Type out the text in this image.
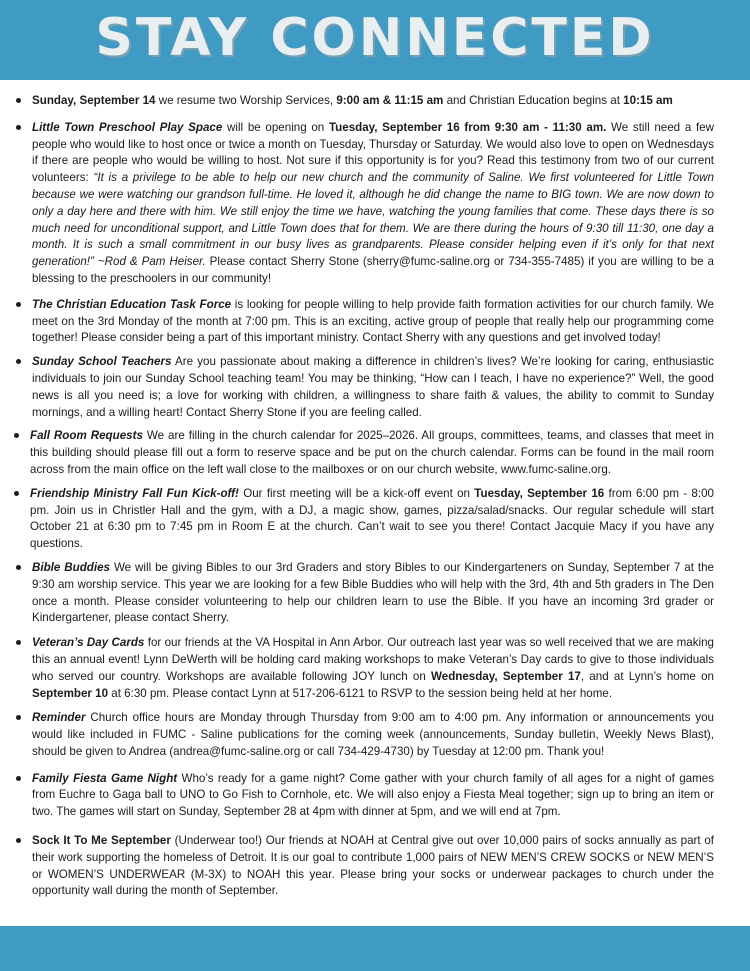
STAY CONNECTED
Sunday, September 14 we resume two Worship Services, 9:00 am & 11:15 am and Christian Education begins at 10:15 am
Little Town Preschool Play Space will be opening on Tuesday, September 16 from 9:30 am - 11:30 am. We still need a few people who would like to host once or twice a month on Tuesday, Thursday or Saturday. We would also love to open on Wednesdays if there are people who would be willing to host. Not sure if this opportunity is for you? Read this testimony from two of our current volunteers: “It is a privilege to be able to help our new church and the community of Saline. We first volunteered for Little Town because we were watching our grandson full-time. He loved it, although he did change the name to BIG town. We are now down to only a day here and there with him. We still enjoy the time we have, watching the young families that come. These days there is so much need for unconditional support, and Little Town does that for them. We are there during the hours of 9:30 till 11:30, one day a month. It is such a small commitment in our busy lives as grandparents. Please consider helping even if it’s only for that next generation!” ~Rod & Pam Heiser. Please contact Sherry Stone (sherry@fumc-saline.org or 734-355-7485) if you are willing to be a blessing to the preschoolers in our community!
The Christian Education Task Force is looking for people willing to help provide faith formation activities for our church family. We meet on the 3rd Monday of the month at 7:00 pm. This is an exciting, active group of people that really help our programming come together! Please consider being a part of this important ministry. Contact Sherry with any questions and get involved today!
Sunday School Teachers Are you passionate about making a difference in children’s lives? We’re looking for caring, enthusiastic individuals to join our Sunday School teaching team! You may be thinking, “How can I teach, I have no experience?” Well, the good news is all you need is; a love for working with children, a willingness to share faith & values, the ability to commit to Sunday mornings, and a willing heart! Contact Sherry Stone if you are feeling called.
Fall Room Requests We are filling in the church calendar for 2025–2026. All groups, committees, teams, and classes that meet in this building should please fill out a form to reserve space and be put on the church calendar. Forms can be found in the mail room across from the main office on the left wall close to the mailboxes or on our church website, www.fumc-saline.org.
Friendship Ministry Fall Fun Kick-off! Our first meeting will be a kick-off event on Tuesday, September 16 from 6:00 pm - 8:00 pm. Join us in Christler Hall and the gym, with a DJ, a magic show, games, pizza/salad/snacks. Our regular schedule will start October 21 at 6:30 pm to 7:45 pm in Room E at the church. Can’t wait to see you there! Contact Jacquie Macy if you have any questions.
Bible Buddies We will be giving Bibles to our 3rd Graders and story Bibles to our Kindergarteners on Sunday, September 7 at the 9:30 am worship service. This year we are looking for a few Bible Buddies who will help with the 3rd, 4th and 5th graders in The Den once a month. Please consider volunteering to help our children learn to use the Bible. If you have an incoming 3rd grader or Kindergartener, please contact Sherry.
Veteran’s Day Cards for our friends at the VA Hospital in Ann Arbor. Our outreach last year was so well received that we are making this an annual event! Lynn DeWerth will be holding card making workshops to make Veteran’s Day cards to give to those individuals who served our country. Workshops are available following JOY lunch on Wednesday, September 17, and at Lynn’s home on September 10 at 6:30 pm. Please contact Lynn at 517-206-6121 to RSVP to the session being held at her home.
Reminder Church office hours are Monday through Thursday from 9:00 am to 4:00 pm. Any information or announcements you would like included in FUMC - Saline publications for the coming week (announcements, Sunday bulletin, Weekly News Blast), should be given to Andrea (andrea@fumc-saline.org or call 734-429-4730) by Tuesday at 12:00 pm. Thank you!
Family Fiesta Game Night Who’s ready for a game night? Come gather with your church family of all ages for a night of games from Euchre to Gaga ball to UNO to Go Fish to Cornhole, etc. We will also enjoy a Fiesta Meal together; sign up to bring an item or two. The games will start on Sunday, September 28 at 4pm with dinner at 5pm, and we will end at 7pm.
Sock It To Me September (Underwear too!) Our friends at NOAH at Central give out over 10,000 pairs of socks annually as part of their work supporting the homeless of Detroit. It is our goal to contribute 1,000 pairs of NEW MEN’S CREW SOCKS or NEW MEN’S or WOMEN’S UNDERWEAR (M-3X) to NOAH this year. Please bring your socks or underwear packages to church under the opportunity wall during the month of September.
